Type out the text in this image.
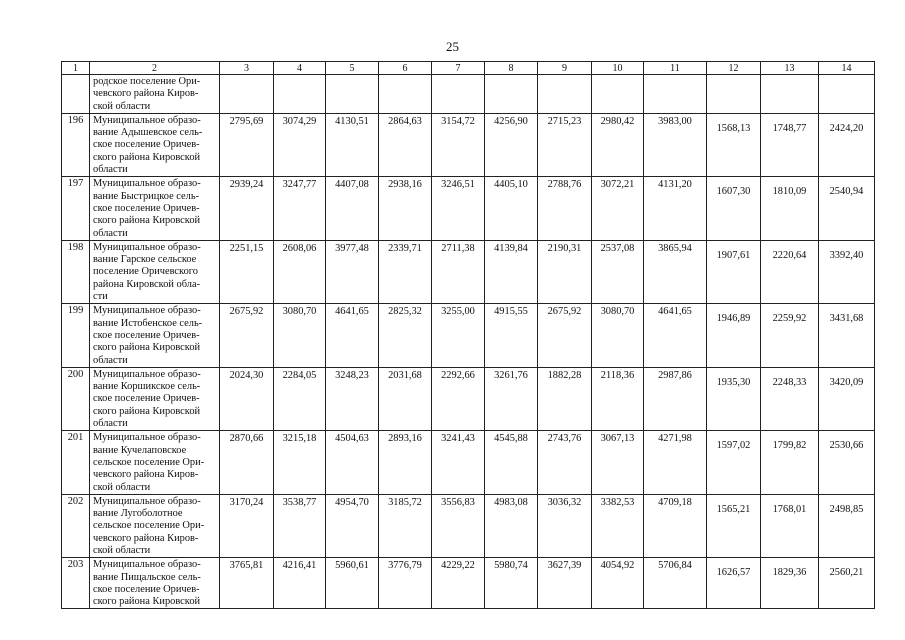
25
1	2	3	4	5	6	7	8	9	10	11	12	13	14
	родское поселение Ори-
чевского района Киров-
ской области												
196	Муниципальное образо-
вание Адышевское сель-
ское поселение Оричев-
ского района Кировской
области	2795,69	3074,29	4130,51	2864,63	3154,72	4256,90	2715,23	2980,42	3983,00	1568,13	1748,77	2424,20
197	Муниципальное образо-
вание Быстрицкое сель-
ское поселение Оричев-
ского района Кировской
области	2939,24	3247,77	4407,08	2938,16	3246,51	4405,10	2788,76	3072,21	4131,20	1607,30	1810,09	2540,94
198	Муниципальное образо-
вание Гарское сельское
поселение Оричевского
района Кировской обла-
сти	2251,15	2608,06	3977,48	2339,71	2711,38	4139,84	2190,31	2537,08	3865,94	1907,61	2220,64	3392,40
199	Муниципальное образо-
вание Истобенское сель-
ское поселение Оричев-
ского района Кировской
области	2675,92	3080,70	4641,65	2825,32	3255,00	4915,55	2675,92	3080,70	4641,65	1946,89	2259,92	3431,68
200	Муниципальное образо-
вание Коршикское сель-
ское поселение Оричев-
ского района Кировской
области	2024,30	2284,05	3248,23	2031,68	2292,66	3261,76	1882,28	2118,36	2987,86	1935,30	2248,33	3420,09
201	Муниципальное образо-
вание Кучелаповское
сельское поселение Ори-
чевского района Киров-
ской области	2870,66	3215,18	4504,63	2893,16	3241,43	4545,88	2743,76	3067,13	4271,98	1597,02	1799,82	2530,66
202	Муниципальное образо-
вание Лугоболотное
сельское поселение Ори-
чевского района Киров-
ской области	3170,24	3538,77	4954,70	3185,72	3556,83	4983,08	3036,32	3382,53	4709,18	1565,21	1768,01	2498,85
203	Муниципальное образо-
вание Пищальское сель-
ское поселение Оричев-
ского района Кировской	3765,81	4216,41	5960,61	3776,79	4229,22	5980,74	3627,39	4054,92	5706,84	1626,57	1829,36	2560,21
